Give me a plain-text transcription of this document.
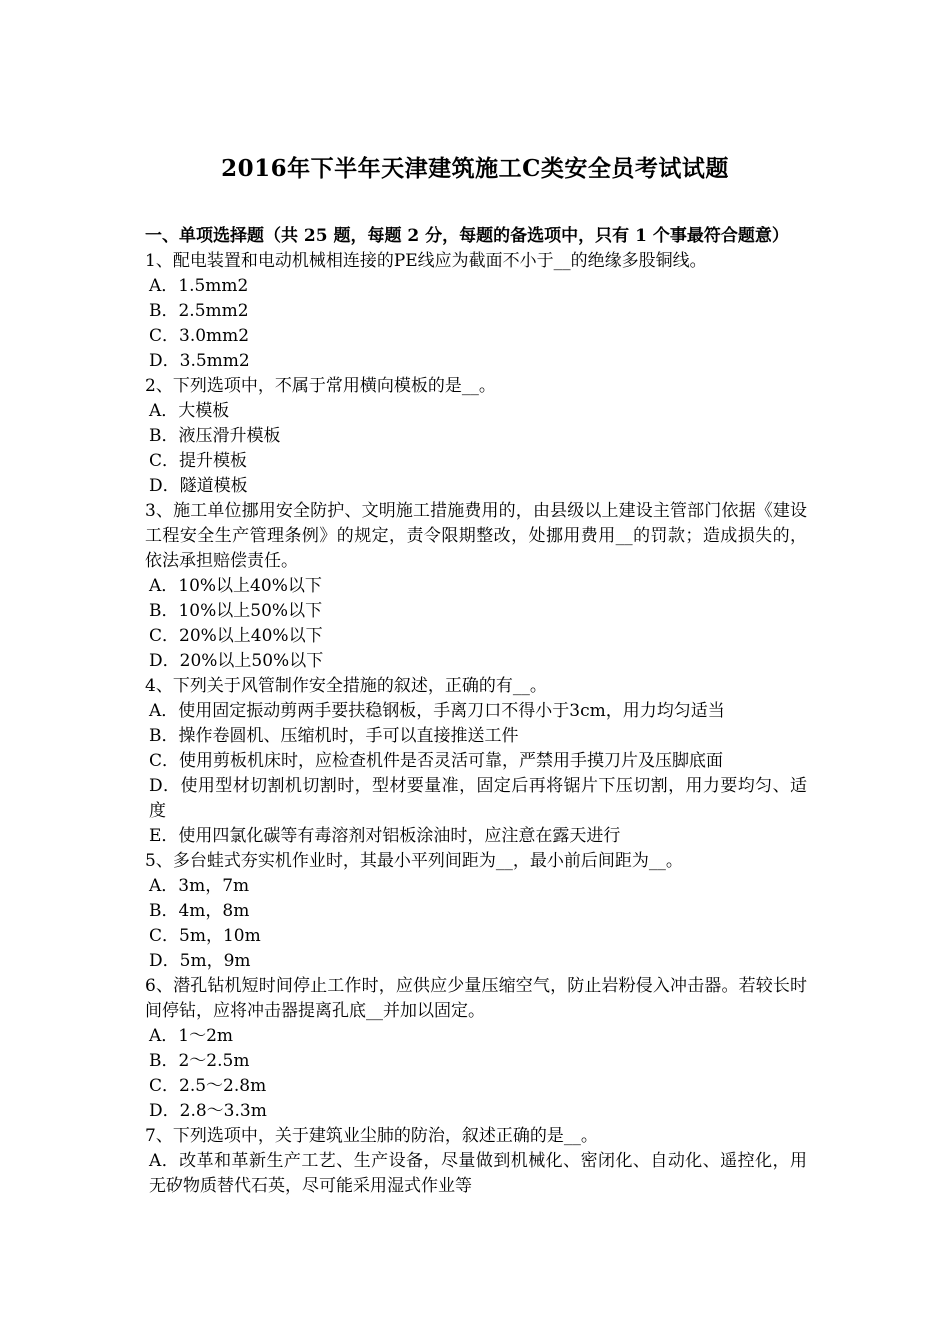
2016年下半年天津建筑施工C类安全员考试试题
一、单项选择题（共 25 题，每题 2 分，每题的备选项中，只有 1 个事最符合题意）
1、配电装置和电动机械相连接的PE线应为截面不小于__的绝缘多股铜线。
A．1.5mm2
B．2.5mm2
C．3.0mm2
D．3.5mm2
2、下列选项中，不属于常用横向模板的是__。
A．大模板
B．液压滑升模板
C．提升模板
D．隧道模板
3、施工单位挪用安全防护、文明施工措施费用的，由县级以上建设主管部门依据《建设工程安全生产管理条例》的规定，责令限期整改，处挪用费用__的罚款；造成损失的，依法承担赔偿责任。
A．10%以上40%以下
B．10%以上50%以下
C．20%以上40%以下
D．20%以上50%以下
4、下列关于风管制作安全措施的叙述，正确的有__。
A．使用固定振动剪两手要扶稳钢板，手离刀口不得小于3cm，用力均匀适当
B．操作卷圆机、压缩机时，手可以直接推送工件
C．使用剪板机床时，应检查机件是否灵活可靠，严禁用手摸刀片及压脚底面
D．使用型材切割机切割时，型材要量准，固定后再将锯片下压切割，用力要均匀、适度
E．使用四氯化碳等有毒溶剂对铝板涂油时，应注意在露天进行
5、多台蛙式夯实机作业时，其最小平列间距为__，最小前后间距为__。
A．3m，7m
B．4m，8m
C．5m，10m
D．5m，9m
6、潜孔钻机短时间停止工作时，应供应少量压缩空气，防止岩粉侵入冲击器。若较长时间停钻，应将冲击器提离孔底__并加以固定。
A．1～2m
B．2～2.5m
C．2.5～2.8m
D．2.8～3.3m
7、下列选项中，关于建筑业尘肺的防治，叙述正确的是__。
A．改革和革新生产工艺、生产设备，尽量做到机械化、密闭化、自动化、遥控化，用无矽物质替代石英，尽可能采用湿式作业等
